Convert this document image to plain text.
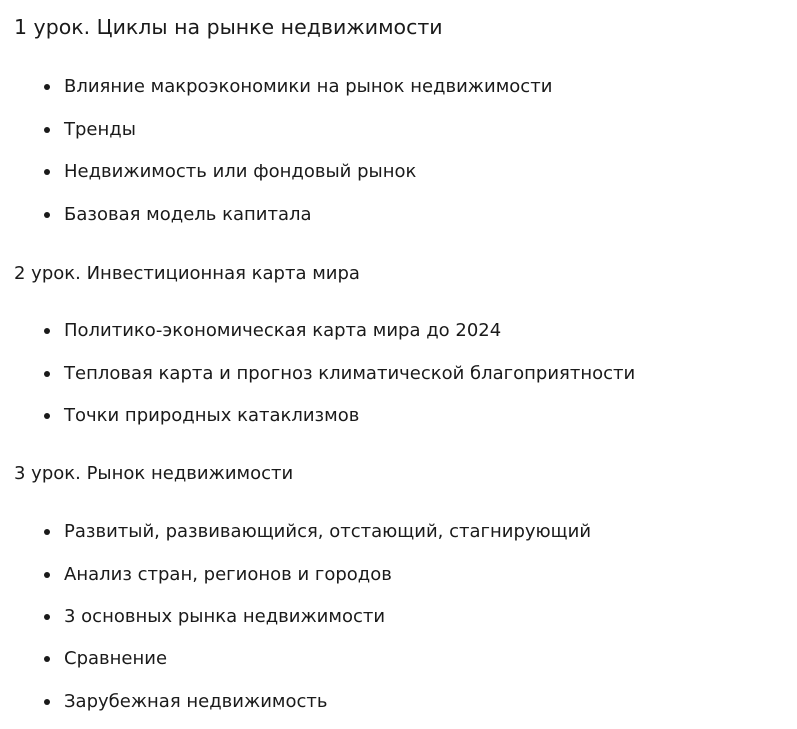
1 урок. Циклы на рынке недвижимости
Влияние макроэкономики на рынок недвижимости
Тренды
Недвижимость или фондовый рынок
Базовая модель капитала
2 урок. Инвестиционная карта мира
Политико-экономическая карта мира до 2024
Тепловая карта и прогноз климатической благоприятности
Точки природных катаклизмов
3 урок. Рынок недвижимости
Развитый, развивающийся, отстающий, стагнирующий
Анализ стран, регионов и городов
3 основных рынка недвижимости
Сравнение
Зарубежная недвижимость
